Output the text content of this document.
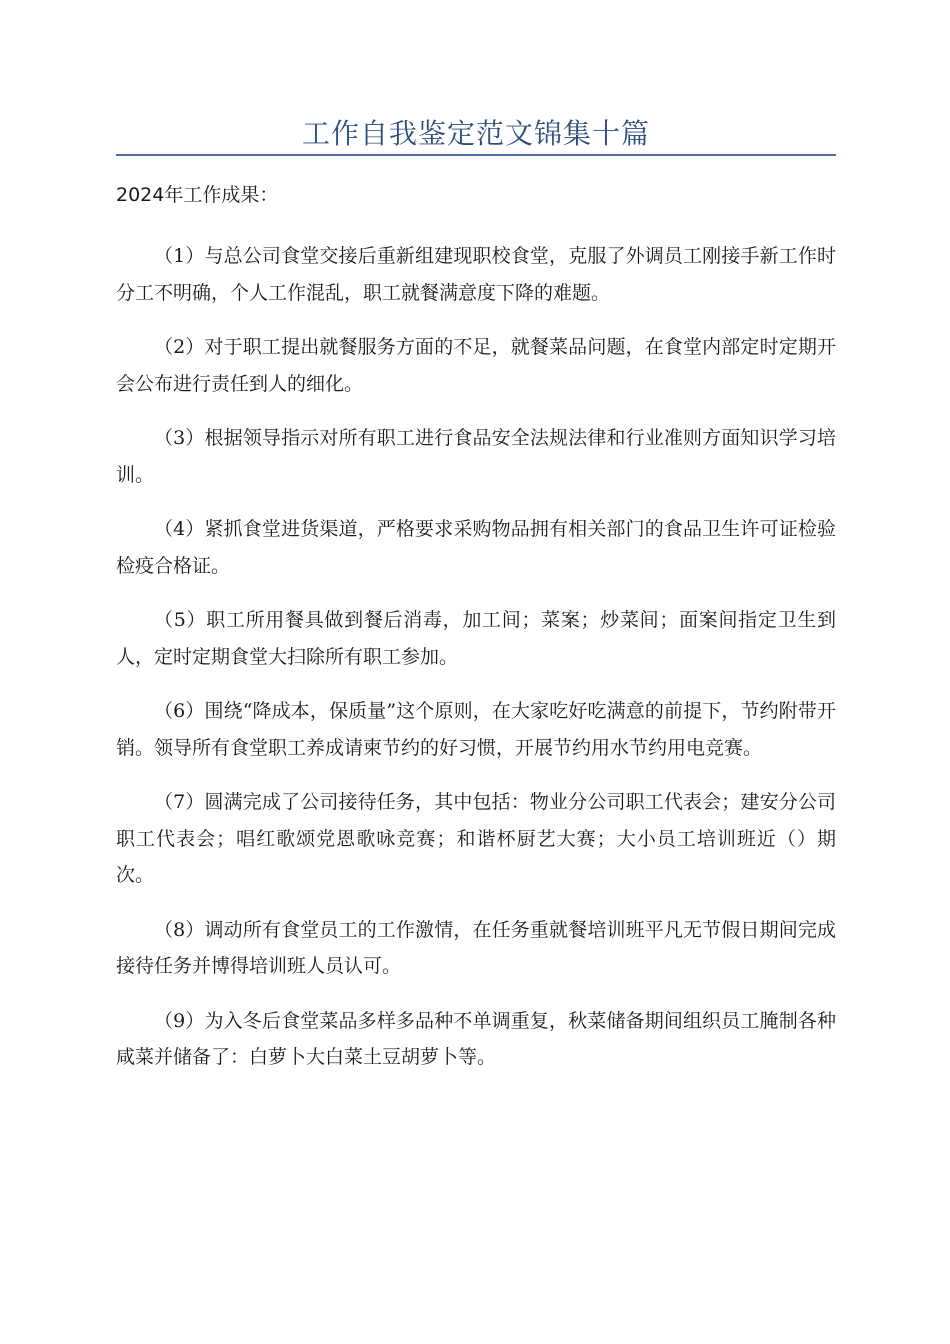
工作自我鉴定范文锦集十篇
2024年工作成果：

（1）与总公司食堂交接后重新组建现职校食堂，克服了外调员工刚接手新工作时分工不明确，个人工作混乱，职工就餐满意度下降的难题。

（2）对于职工提出就餐服务方面的不足，就餐菜品问题，在食堂内部定时定期开会公布进行责任到人的细化。

（3）根据领导指示对所有职工进行食品安全法规法律和行业准则方面知识学习培训。

（4）紧抓食堂进货渠道，严格要求采购物品拥有相关部门的食品卫生许可证检验检疫合格证。

（5）职工所用餐具做到餐后消毒，加工间；菜案；炒菜间；面案间指定卫生到人，定时定期食堂大扫除所有职工参加。

（6）围绕“降成本，保质量”这个原则，在大家吃好吃满意的前提下，节约附带开销。领导所有食堂职工养成请柬节约的好习惯，开展节约用水节约用电竞赛。

（7）圆满完成了公司接待任务，其中包括：物业分公司职工代表会；建安分公司职工代表会；唱红歌颂党恩歌咏竞赛；和谐杯厨艺大赛；大小员工培训班近（）期次。

（8）调动所有食堂员工的工作激情，在任务重就餐培训班平凡无节假日期间完成接待任务并博得培训班人员认可。

（9）为入冬后食堂菜品多样多品种不单调重复，秋菜储备期间组织员工腌制各种咸菜并储备了：白萝卜大白菜土豆胡萝卜等。
